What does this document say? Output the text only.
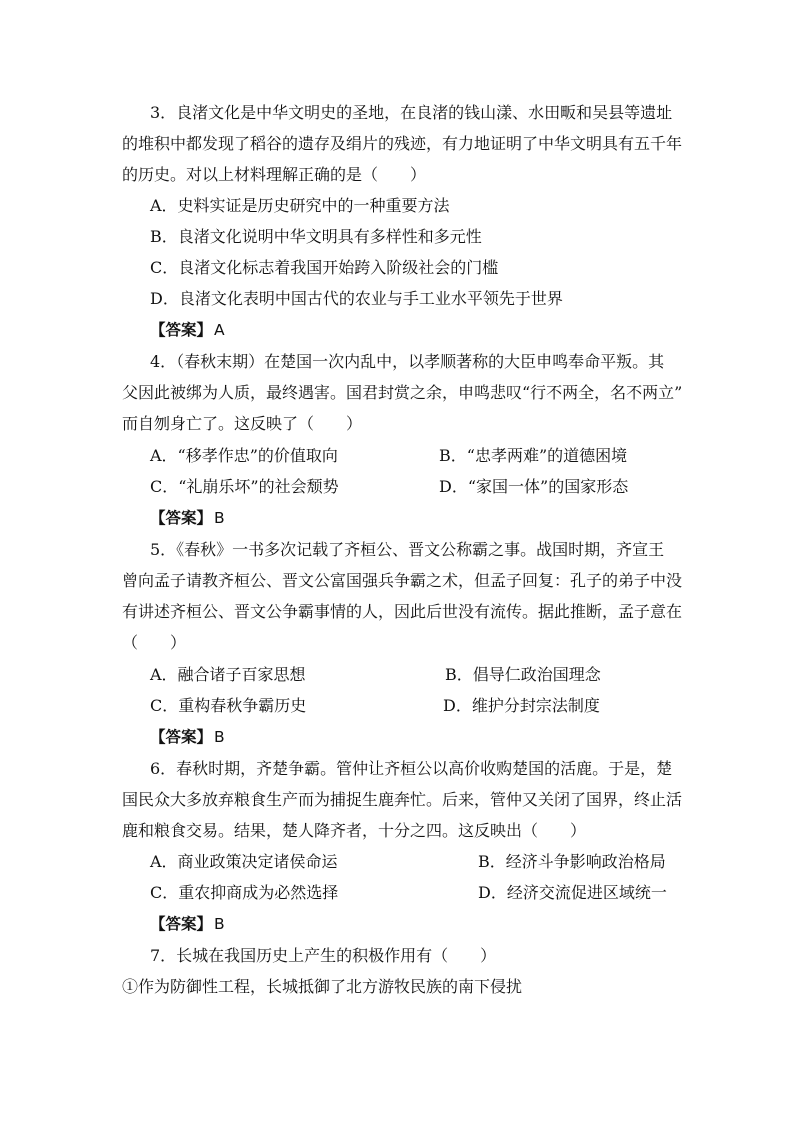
3．良渚文化是中华文明史的圣地，在良渚的钱山漾、水田畈和吴县等遗址
的堆积中都发现了稻谷的遗存及绢片的残迹，有力地证明了中华文明具有五千年
的历史。对以上材料理解正确的是（　　）
A．史料实证是历史研究中的一种重要方法
B．良渚文化说明中华文明具有多样性和多元性
C．良渚文化标志着我国开始跨入阶级社会的门槛
D．良渚文化表明中国古代的农业与手工业水平领先于世界
【答案】 A
4．（春秋末期）在楚国一次内乱中，以孝顺著称的大臣申鸣奉命平叛。其
父因此被绑为人质，最终遇害。国君封赏之余，申鸣悲叹“行不两全，名不两立”
而自刎身亡了。这反映了（　　）
A．“移孝作忠”的价值取向	B．“忠孝两难”的道德困境
C．“礼崩乐坏”的社会颓势	D．“家国一体”的国家形态
【答案】 B
5．《春秋》一书多次记载了齐桓公、晋文公称霸之事。战国时期，齐宣王
曾向孟子请教齐桓公、晋文公富国强兵争霸之术，但孟子回复：孔子的弟子中没
有讲述齐桓公、晋文公争霸事情的人，因此后世没有流传。据此推断，孟子意在
（　　）
A．融合诸子百家思想	B．倡导仁政治国理念
C．重构春秋争霸历史	D．维护分封宗法制度
【答案】 B
6．春秋时期，齐楚争霸。管仲让齐桓公以高价收购楚国的活鹿。于是，楚
国民众大多放弃粮食生产而为捕捉生鹿奔忙。后来，管仲又关闭了国界，终止活
鹿和粮食交易。结果，楚人降齐者，十分之四。这反映出（　　）
A．商业政策决定诸侯命运	B．经济斗争影响政治格局
C．重农抑商成为必然选择	D．经济交流促进区域统一
【答案】 B
7．长城在我国历史上产生的积极作用有（　　）
①作为防御性工程，长城抵御了北方游牧民族的南下侵扰
